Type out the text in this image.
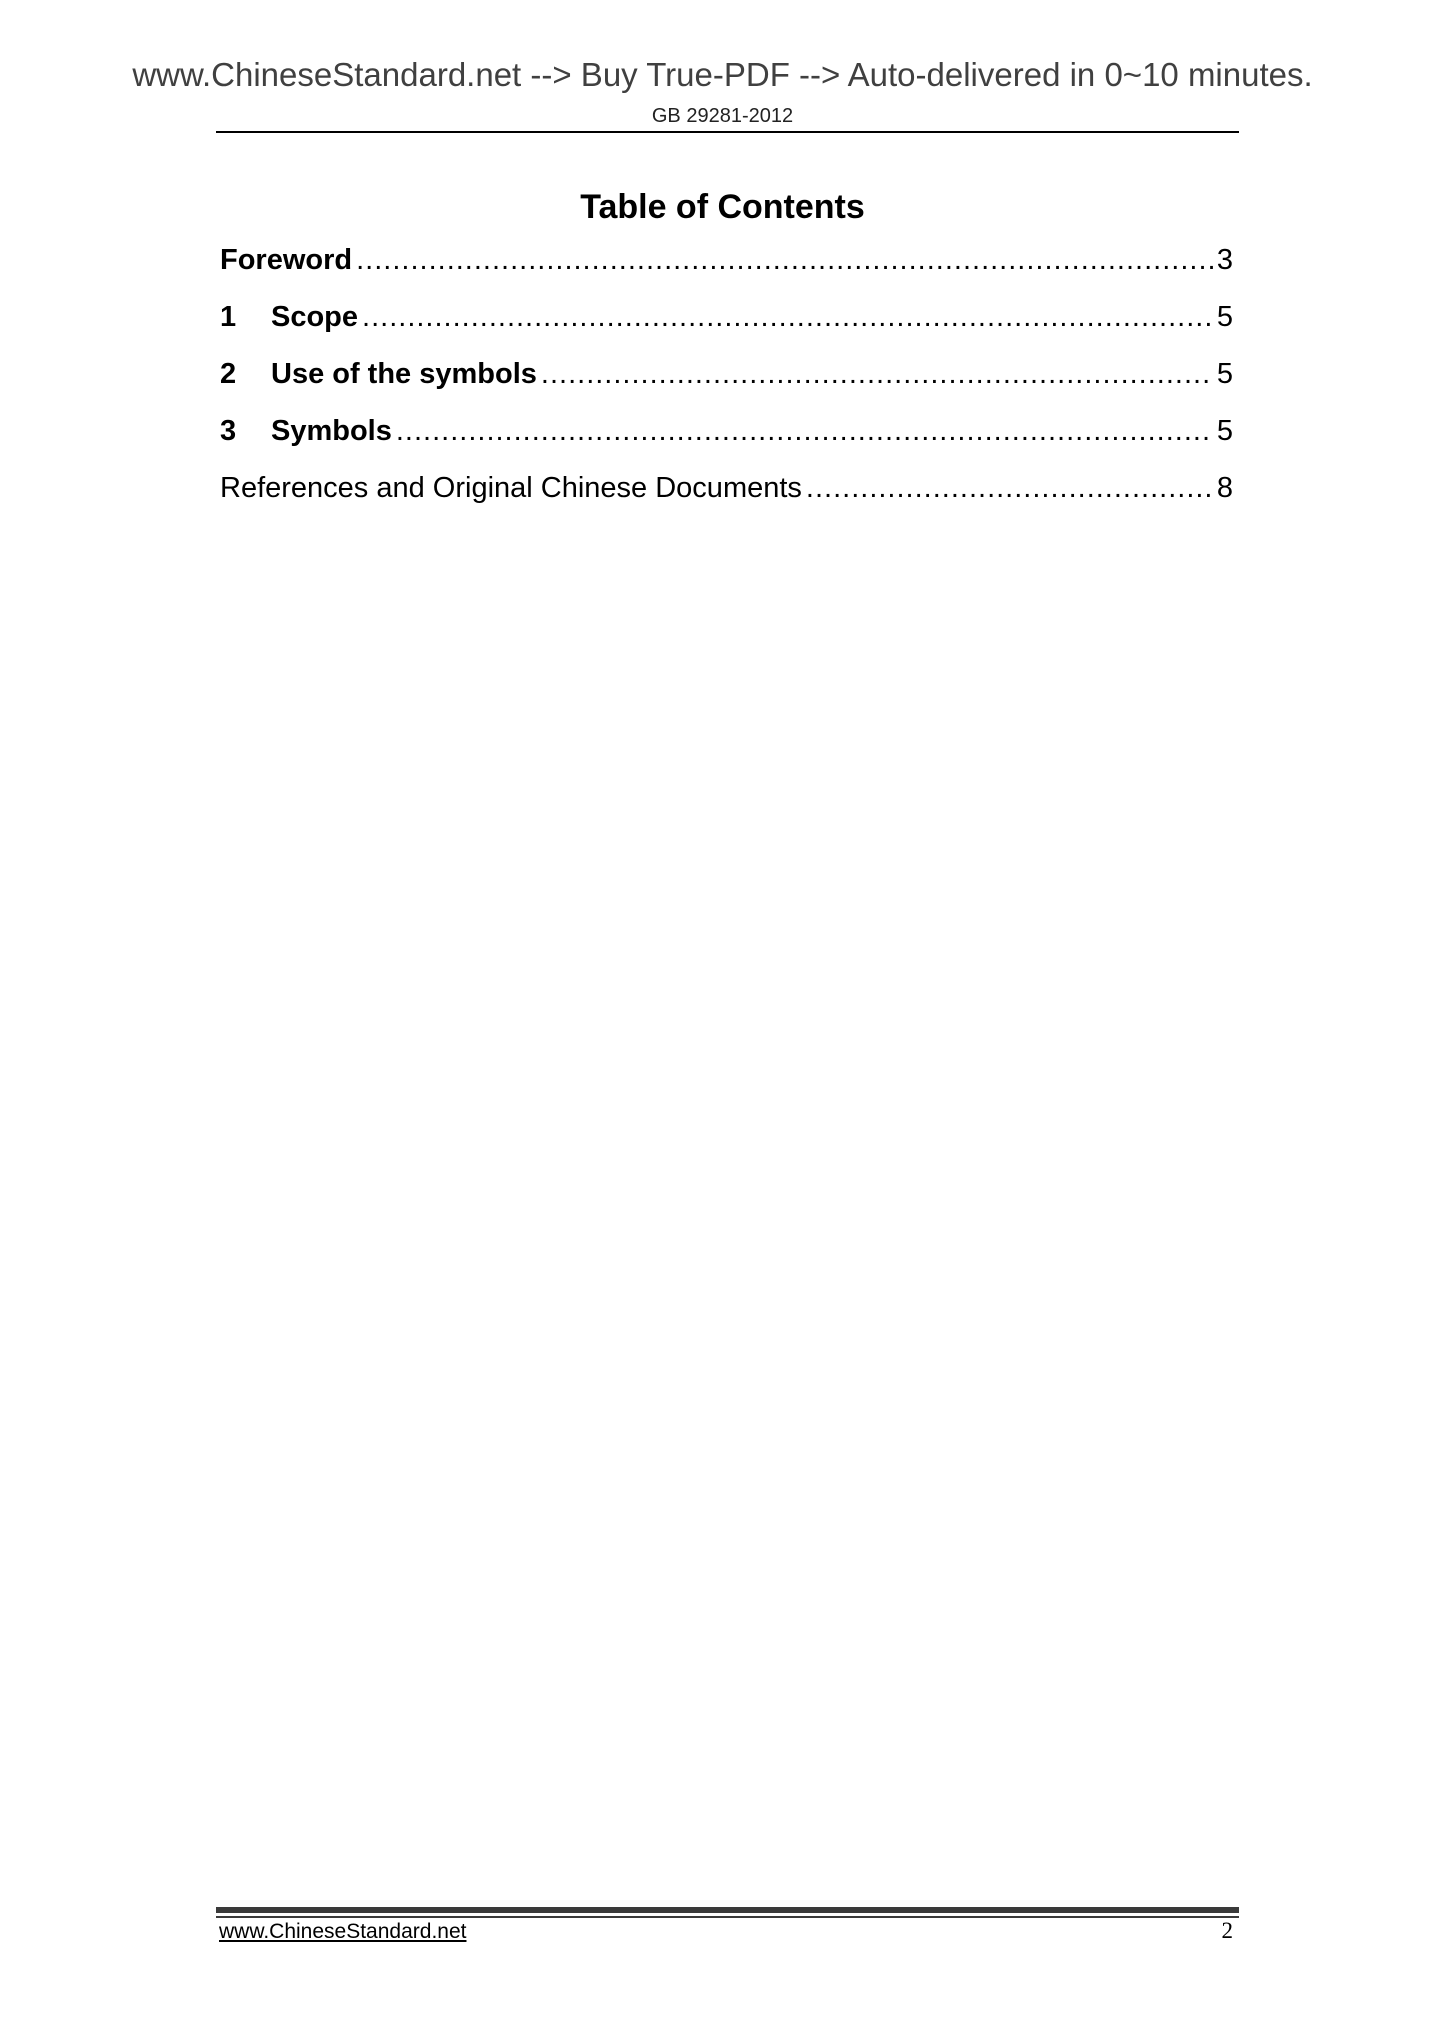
www.ChineseStandard.net --> Buy True-PDF --> Auto-delivered in 0~10 minutes.
GB 29281-2012
Table of Contents
Foreword .....	3
1	Scope .....	5
2	Use of the symbols .....	5
3	Symbols .....	5
References and Original Chinese Documents .....	8
www.ChineseStandard.net	2
